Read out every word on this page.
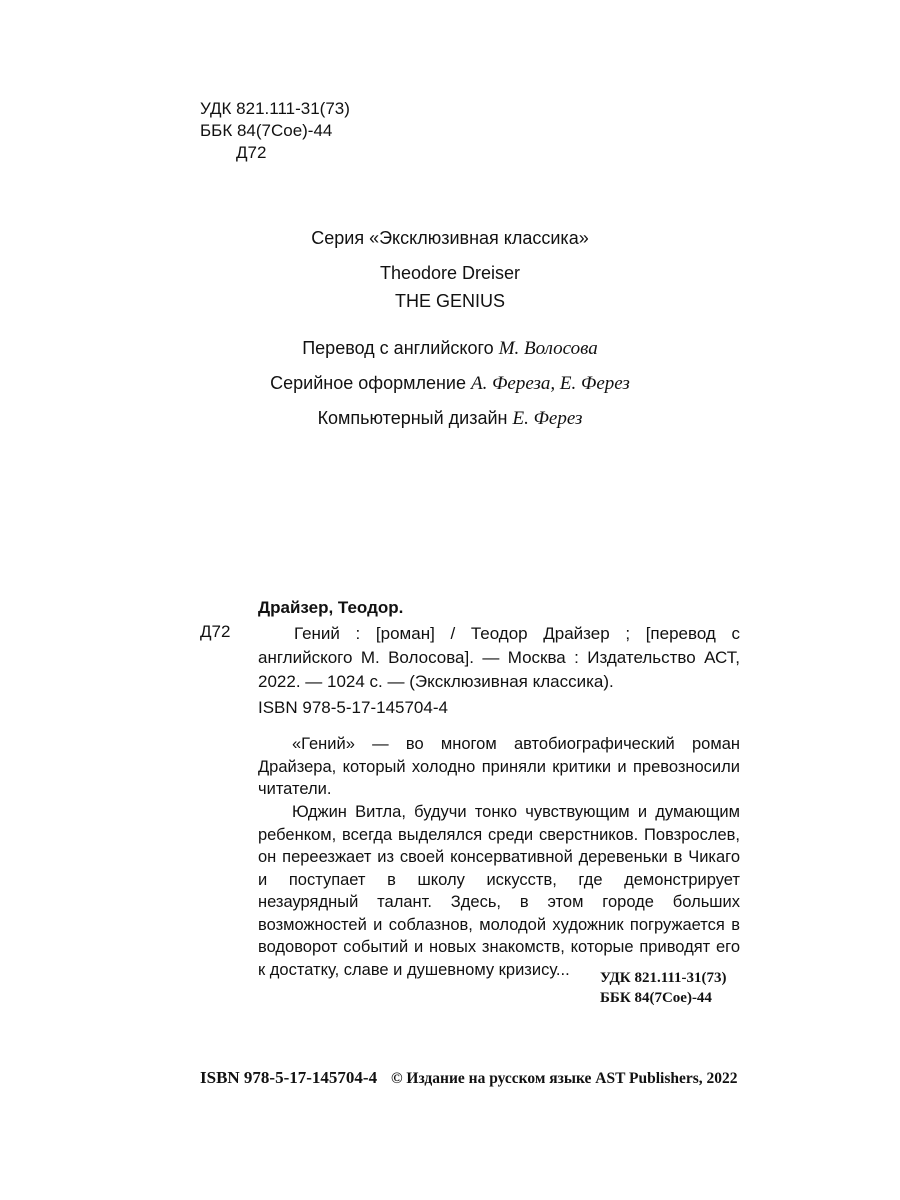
УДК 821.111-31(73)
ББК 84(7Сое)-44
Д72
Серия «Эксклюзивная классика»
Theodore Dreiser
THE GENIUS
Перевод с английского М. Волосова
Серийное оформление А. Фереза, Е. Ферез
Компьютерный дизайн Е. Ферез
Драйзер, Теодор.
Д72	Гений : [роман] / Теодор Драйзер ; [перевод с английского М. Волосова]. — Москва : Издательство АСТ, 2022. — 1024 с. — (Эксклюзивная классика).
ISBN 978-5-17-145704-4
«Гений» — во многом автобиографический роман Драйзера, который холодно приняли критики и превозносили читатели.
Юджин Витла, будучи тонко чувствующим и думающим ребенком, всегда выделялся среди сверстников. Повзрослев, он переезжает из своей консервативной деревеньки в Чикаго и поступает в школу искусств, где демонстрирует незаурядный талант. Здесь, в этом городе больших возможностей и соблазнов, молодой художник погружается в водоворот событий и новых знакомств, которые приводят его к достатку, славе и душевному кризису...	УДК 821.111-31(73)
ББК 84(7Сое)-44
ISBN 978-5-17-145704-4 © Издание на русском языке AST Publishers, 2022
